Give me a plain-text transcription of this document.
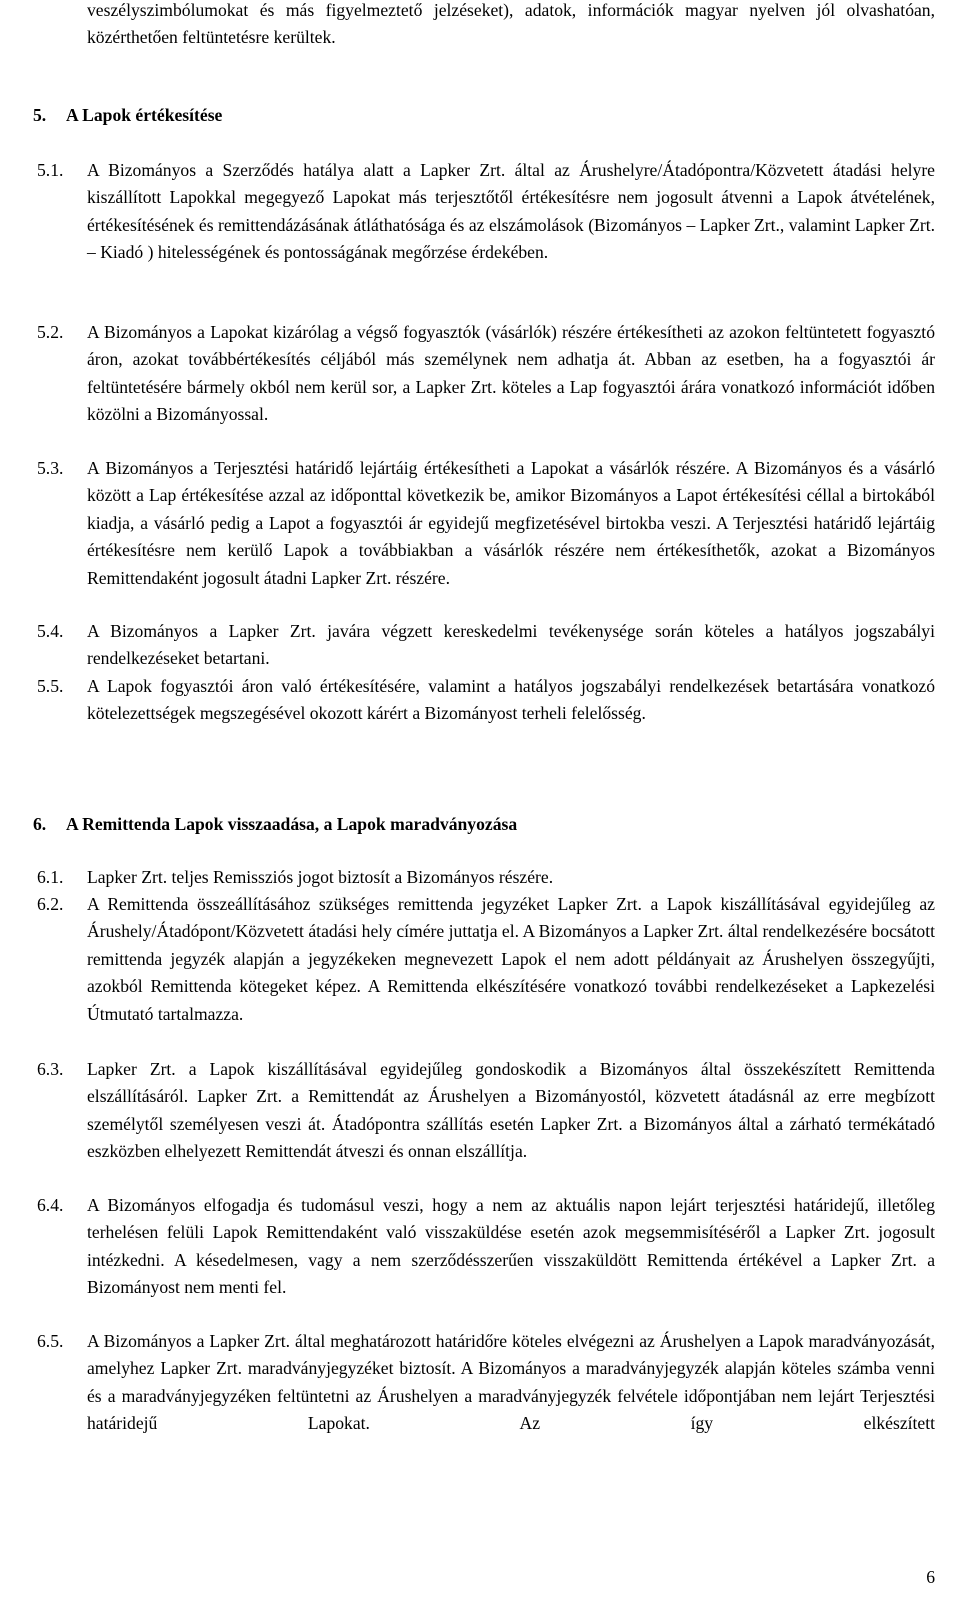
veszélyszimbólumokat és más figyelmeztető jelzéseket), adatok, információk magyar nyelven jól olvashatóan, közérthetően feltüntetésre kerültek.
5. A Lapok értékesítése
5.1.	A Bizományos a Szerződés hatálya alatt a Lapker Zrt. által az Árushelyre/Átadópontra/Közvetett átadási helyre kiszállított Lapokkal megegyező Lapokat más terjesztőtől értékesítésre nem jogosult átvenni a Lapok átvételének, értékesítésének és remittendázásának átláthatósága és az elszámolások (Bizományos – Lapker Zrt., valamint Lapker Zrt. – Kiadó ) hitelességének és pontosságának megőrzése érdekében.
5.2.	A Bizományos a Lapokat kizárólag a végső fogyasztók (vásárlók) részére értékesítheti az azokon feltüntetett fogyasztó áron, azokat továbbértékesítés céljából más személynek nem adhatja át. Abban az esetben, ha a fogyasztói ár feltüntetésére bármely okból nem kerül sor, a Lapker Zrt. köteles a Lap fogyasztói árára vonatkozó információt időben közölni a Bizományossal.
5.3.	A Bizományos a Terjesztési határidő lejártáig értékesítheti a Lapokat a vásárlók részére. A Bizományos és a vásárló között a Lap értékesítése azzal az időponttal következik be, amikor Bizományos a Lapot értékesítési céllal a birtokából kiadja, a vásárló pedig a Lapot a fogyasztói ár egyidejű megfizetésével birtokba veszi. A Terjesztési határidő lejártáig értékesítésre nem kerülő Lapok a továbbiakban a vásárlók részére nem értékesíthetők, azokat a Bizományos Remittendaként jogosult átadni Lapker Zrt. részére.
5.4.	A Bizományos a Lapker Zrt. javára végzett kereskedelmi tevékenysége során köteles a hatályos jogszabályi rendelkezéseket betartani.
5.5.	A Lapok fogyasztói áron való értékesítésére, valamint a hatályos jogszabályi rendelkezések betartására vonatkozó kötelezettségek megszegésével okozott kárért a Bizományost terheli felelősség.
6. A Remittenda Lapok visszaadása, a Lapok maradványozása
6.1.	Lapker Zrt. teljes Remissziós jogot biztosít a Bizományos részére.
6.2.	A Remittenda összeállításához szükséges remittenda jegyzéket Lapker Zrt. a Lapok kiszállításával egyidejűleg az Árushely/Átadópont/Közvetett átadási hely címére juttatja el. A Bizományos a Lapker Zrt. által rendelkezésére bocsátott remittenda jegyzék alapján a jegyzékeken megnevezett Lapok el nem adott példányait az Árushelyen összegyűjti, azokból Remittenda kötegeket képez. A Remittenda elkészítésére vonatkozó további rendelkezéseket a Lapkezelési Útmutató tartalmazza.
6.3.	Lapker Zrt. a Lapok kiszállításával egyidejűleg gondoskodik a Bizományos által összekészített Remittenda elszállításáról. Lapker Zrt. a Remittendát az Árushelyen a Bizományostól, közvetett átadásnál az erre megbízott személytől személyesen veszi át. Átadópontra szállítás esetén Lapker Zrt. a Bizományos által a zárható termékátadó eszközben elhelyezett Remittendát átveszi és onnan elszállítja.
6.4.	A Bizományos elfogadja és tudomásul veszi, hogy a nem az aktuális napon lejárt terjesztési határidejű, illetőleg terhelésen felüli Lapok Remittendaként való visszaküldése esetén azok megsemmisítéséről a Lapker Zrt. jogosult intézkedni. A késedelmesen, vagy a nem szerződésszerűen visszaküldött Remittenda értékével a Lapker Zrt. a Bizományost nem menti fel.
6.5.	A Bizományos a Lapker Zrt. által meghatározott határidőre köteles elvégezni az Árushelyen a Lapok maradványozását, amelyhez Lapker Zrt. maradványjegyzéket biztosít. A Bizományos a maradványjegyzék alapján köteles számba venni és a maradványjegyzéken feltüntetni az Árushelyen a maradványjegyzék felvétele időpontjában nem lejárt Terjesztési határidejű Lapokat. Az így elkészített
6
